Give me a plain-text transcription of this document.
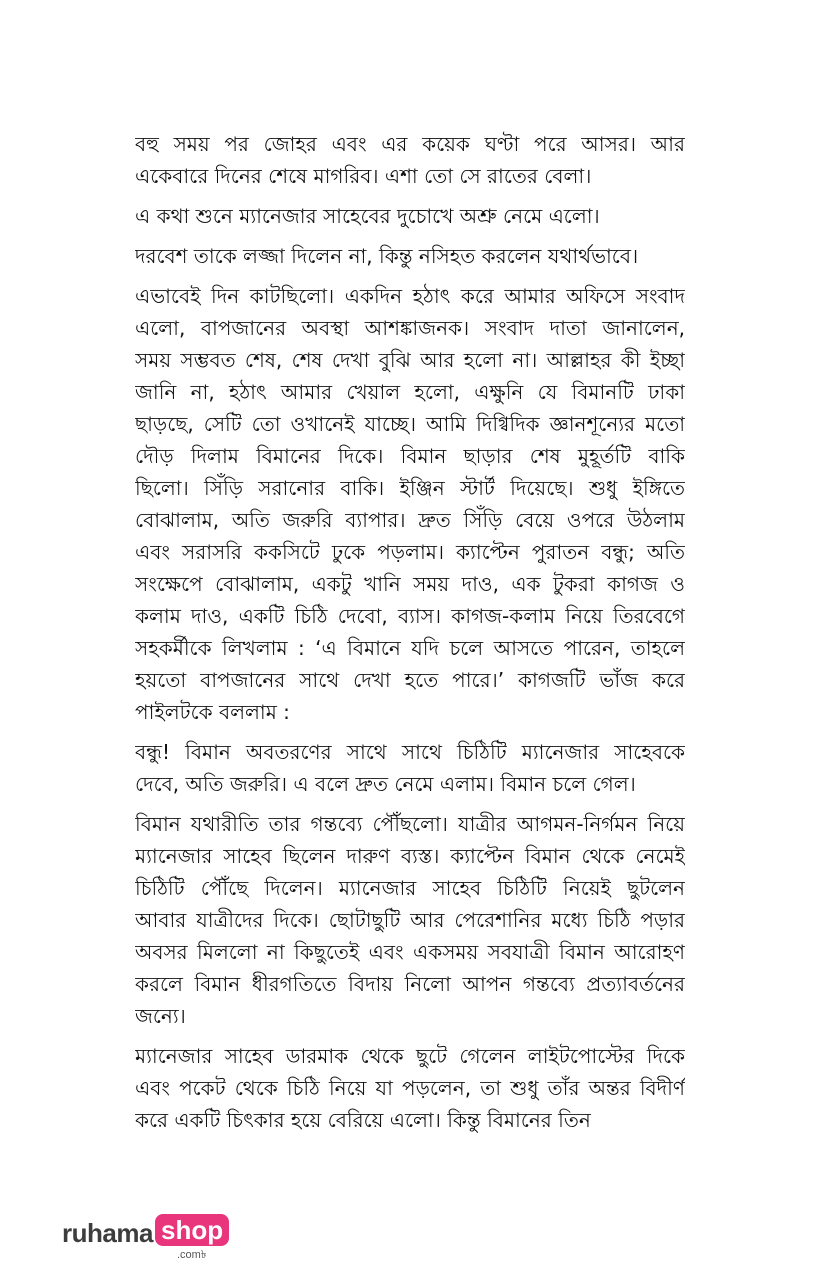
বহু সময় পর জোহর এবং এর কয়েক ঘণ্টা পরে আসর। আর
একেবারে দিনের শেষে মাগরিব। এশা তো সে রাতের বেলা।
এ কথা শুনে ম্যানেজার সাহেবের দুচোখে অশ্রু নেমে এলো।
দরবেশ তাকে লজ্জা দিলেন না, কিন্তু নসিহত করলেন যথার্থভাবে।
এভাবেই দিন কাটছিলো। একদিন হঠাৎ করে আমার অফিসে সংবাদ
এলো, বাপজানের অবস্থা আশঙ্কাজনক। সংবাদ দাতা জানালেন,
সময় সম্ভবত শেষ, শেষ দেখা বুঝি আর হলো না। আল্লাহর কী ইচ্ছা
জানি না, হঠাৎ আমার খেয়াল হলো, এক্ষুনি যে বিমানটি ঢাকা
ছাড়ছে, সেটি তো ওখানেই যাচ্ছে। আমি দিগ্বিদিক জ্ঞানশূন্যের মতো
দৌড় দিলাম বিমানের দিকে। বিমান ছাড়ার শেষ মুহূর্তটি বাকি
ছিলো। সিঁড়ি সরানোর বাকি। ইঞ্জিন স্টার্ট দিয়েছে। শুধু ইঙ্গিতে
বোঝালাম, অতি জরুরি ব্যাপার। দ্রুত সিঁড়ি বেয়ে ওপরে উঠলাম
এবং সরাসরি ককসিটে ঢুকে পড়লাম। ক্যাপ্টেন পুরাতন বন্ধু; অতি
সংক্ষেপে বোঝালাম, একটু খানি সময় দাও, এক টুকরা কাগজ ও
কলাম দাও, একটি চিঠি দেবো, ব্যাস। কাগজ-কলাম নিয়ে তিরবেগে
সহকর্মীকে লিখলাম : ‘এ বিমানে যদি চলে আসতে পারেন, তাহলে
হয়তো বাপজানের সাথে দেখা হতে পারে।’ কাগজটি ভাঁজ করে
পাইলটকে বললাম :
বন্ধু! বিমান অবতরণের সাথে সাথে চিঠিটি ম্যানেজার সাহেবকে
দেবে, অতি জরুরি। এ বলে দ্রুত নেমে এলাম। বিমান চলে গেল।
বিমান যথারীতি তার গন্তব্যে পৌঁছলো। যাত্রীর আগমন-নির্গমন নিয়ে
ম্যানেজার সাহেব ছিলেন দারুণ ব্যস্ত। ক্যাপ্টেন বিমান থেকে নেমেই
চিঠিটি পৌঁছে দিলেন। ম্যানেজার সাহেব চিঠিটি নিয়েই ছুটলেন
আবার যাত্রীদের দিকে। ছোটাছুটি আর পেরেশানির মধ্যে চিঠি পড়ার
অবসর মিললো না কিছুতেই এবং একসময় সবযাত্রী বিমান আরোহণ
করলে বিমান ধীরগতিতে বিদায় নিলো আপন গন্তব্যে প্রত্যাবর্তনের
জন্যে।
ম্যানেজার সাহেব ডারমাক থেকে ছুটে গেলেন লাইটপোস্টের দিকে
এবং পকেট থেকে চিঠি নিয়ে যা পড়লেন, তা শুধু তাঁর অন্তর বিদীর্ণ
করে একটি চিৎকার হয়ে বেরিয়ে এলো। কিন্তু বিমানের তিন
ruhama shop
.com৳
